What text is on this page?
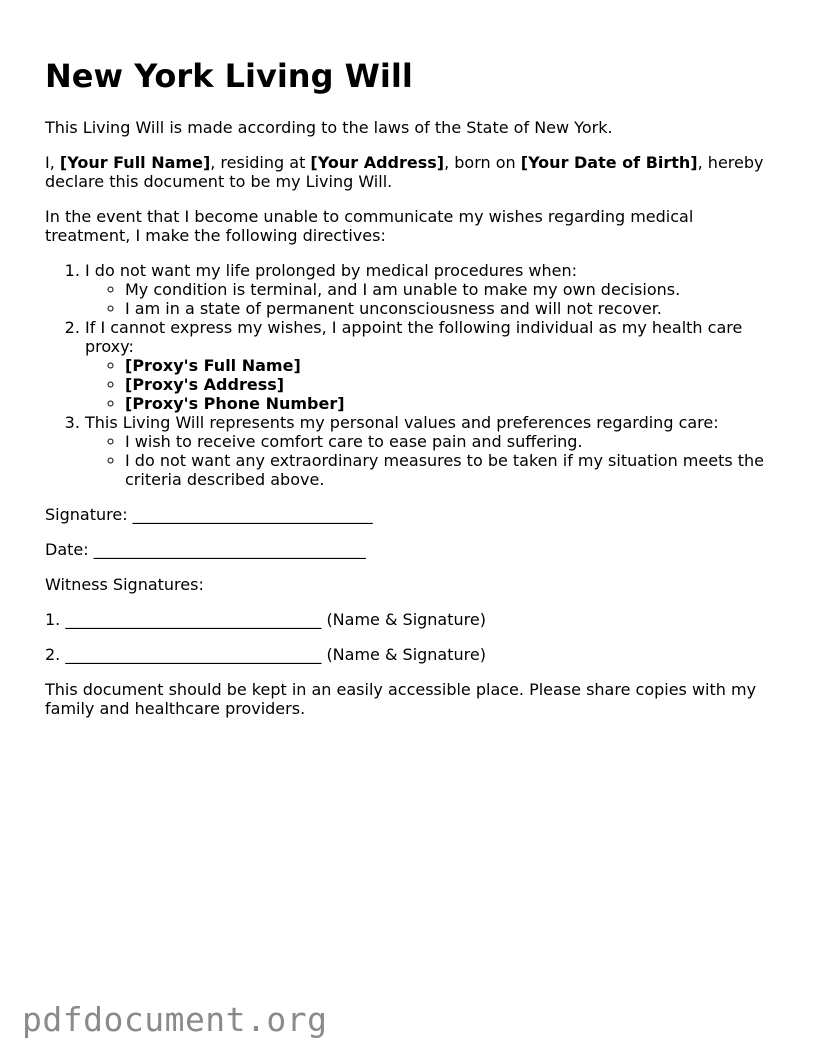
New York Living Will

This Living Will is made according to the laws of the State of New York.

I, [Your Full Name], residing at [Your Address], born on [Your Date of Birth], hereby declare this document to be my Living Will.

In the event that I become unable to communicate my wishes regarding medical treatment, I make the following directives:

1. I do not want my life prolonged by medical procedures when:
◦ My condition is terminal, and I am unable to make my own decisions.
◦ I am in a state of permanent unconsciousness and will not recover.
2. If I cannot express my wishes, I appoint the following individual as my health care proxy:
◦ [Proxy's Full Name]
◦ [Proxy's Address]
◦ [Proxy's Phone Number]
3. This Living Will represents my personal values and preferences regarding care:
◦ I wish to receive comfort care to ease pain and suffering.
◦ I do not want any extraordinary measures to be taken if my situation meets the criteria described above.

Signature: ______________________________

Date: __________________________________

Witness Signatures:

1. ________________________________ (Name & Signature)

2. ________________________________ (Name & Signature)

This document should be kept in an easily accessible place. Please share copies with my family and healthcare providers.

pdfdocument.org
